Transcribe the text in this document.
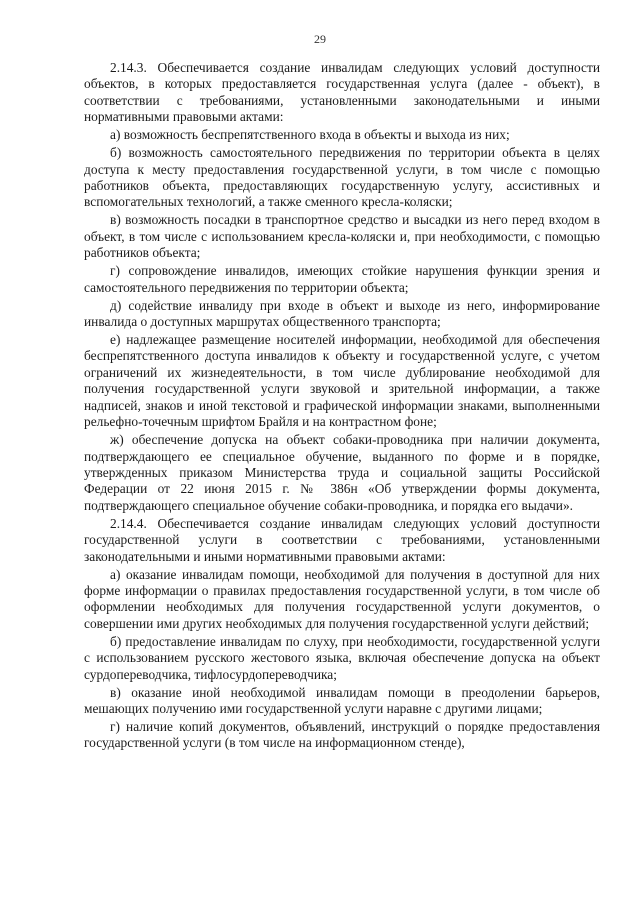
29

2.14.3. Обеспечивается создание инвалидам следующих условий доступности объектов, в которых предоставляется государственная услуга (далее - объект), в соответствии с требованиями, установленными законодательными и иными нормативными правовыми актами:

а) возможность беспрепятственного входа в объекты и выхода из них;

б) возможность самостоятельного передвижения по территории объекта в целях доступа к месту предоставления государственной услуги, в том числе с помощью работников объекта, предоставляющих государственную услугу, ассистивных и вспомогательных технологий, а также сменного кресла-коляски;

в) возможность посадки в транспортное средство и высадки из него перед входом в объект, в том числе с использованием кресла-коляски и, при необходимости, с помощью работников объекта;

г) сопровождение инвалидов, имеющих стойкие нарушения функции зрения и самостоятельного передвижения по территории объекта;

д) содействие инвалиду при входе в объект и выходе из него, информирование инвалида о доступных маршрутах общественного транспорта;

е) надлежащее размещение носителей информации, необходимой для обеспечения беспрепятственного доступа инвалидов к объекту и государственной услуге, с учетом ограничений их жизнедеятельности, в том числе дублирование необходимой для получения государственной услуги звуковой и зрительной информации, а также надписей, знаков и иной текстовой и графической информации знаками, выполненными рельефно-точечным шрифтом Брайля и на контрастном фоне;

ж) обеспечение допуска на объект собаки-проводника при наличии документа, подтверждающего ее специальное обучение, выданного по форме и в порядке, утвержденных приказом Министерства труда и социальной защиты Российской Федерации от 22 июня 2015 г. № 386н «Об утверждении формы документа, подтверждающего специальное обучение собаки-проводника, и порядка его выдачи».

2.14.4. Обеспечивается создание инвалидам следующих условий доступности государственной услуги в соответствии с требованиями, установленными законодательными и иными нормативными правовыми актами:

а) оказание инвалидам помощи, необходимой для получения в доступной для них форме информации о правилах предоставления государственной услуги, в том числе об оформлении необходимых для получения государственной услуги документов, о совершении ими других необходимых для получения государственной услуги действий;

б) предоставление инвалидам по слуху, при необходимости, государственной услуги с использованием русского жестового языка, включая обеспечение допуска на объект сурдопереводчика, тифлосурдопереводчика;

в) оказание иной необходимой инвалидам помощи в преодолении барьеров, мешающих получению ими государственной услуги наравне с другими лицами;

г) наличие копий документов, объявлений, инструкций о порядке предоставления государственной услуги (в том числе на информационном стенде),
